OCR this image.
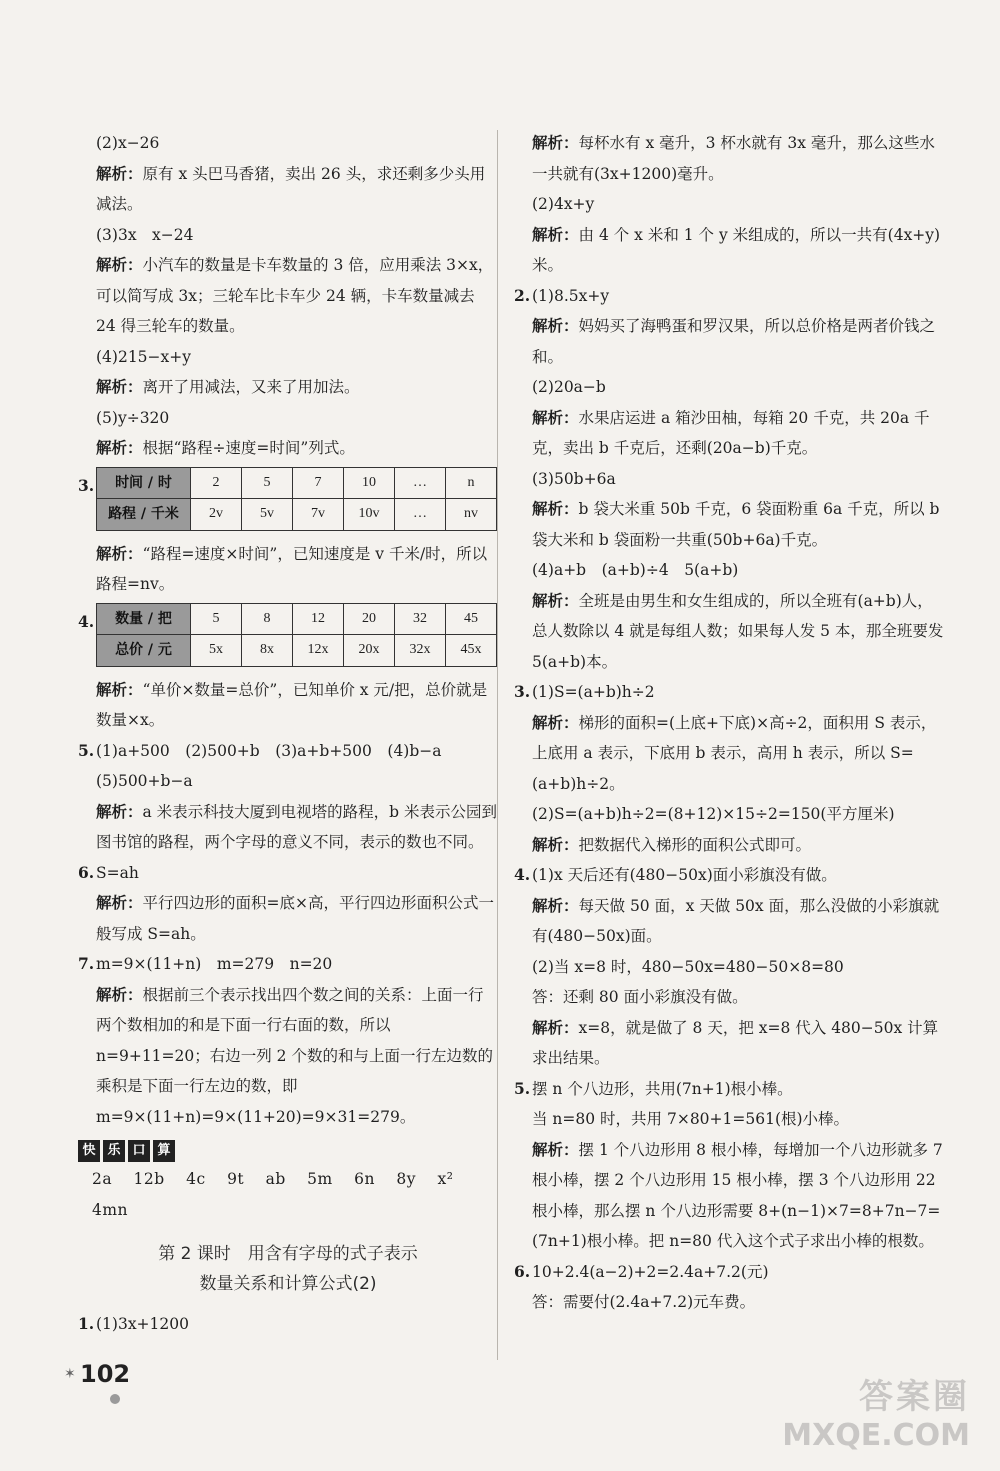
(2)x−26
解析：原有 x 头巴马香猪，卖出 26 头，求还剩多少头用减法。
(3)3x　x−24
解析：小汽车的数量是卡车数量的 3 倍，应用乘法 3×x，可以简写成 3x；三轮车比卡车少 24 辆，卡车数量减去 24 得三轮车的数量。
(4)215−x+y
解析：离开了用减法，又来了用加法。
(5)y÷320
解析：根据“路程÷速度=时间”列式。
3. 时间 / 时	2	5	7	10	…	n
路程 / 千米	2v	5v	7v	10v	…	nv
解析：“路程=速度×时间”，已知速度是 v 千米/时，所以路程=nv。
4. 数量 / 把	5	8	12	20	32	45
总价 / 元	5x	8x	12x	20x	32x	45x
解析：“单价×数量=总价”，已知单价 x 元/把，总价就是数量×x。
5. (1)a+500　(2)500+b　(3)a+b+500　(4)b−a
(5)500+b−a
解析：a 米表示科技大厦到电视塔的路程，b 米表示公园到图书馆的路程，两个字母的意义不同，表示的数也不同。
6. S=ah
解析：平行四边形的面积=底×高，平行四边形面积公式一般写成 S=ah。
7. m=9×(11+n)　m=279　n=20
解析：根据前三个表示找出四个数之间的关系：上面一行两个数相加的和是下面一行右面的数，所以 n=9+11=20；右边一列 2 个数的和与上面一行左边数的乘积是下面一行左边的数，即 m=9×(11+n)=9×(11+20)=9×31=279。
快 乐 口 算
2a　 12b　 4c　 9t　 ab　 5m　 6n　 8y　 x²　 4mn
第 2 课时　用含有字母的式子表示
数量关系和计算公式(2)
1. (1)3x+1200
解析：每杯水有 x 毫升，3 杯水就有 3x 毫升，那么这些水一共就有(3x+1200)毫升。
(2)4x+y
解析：由 4 个 x 米和 1 个 y 米组成的，所以一共有(4x+y)米。
2. (1)8.5x+y
解析：妈妈买了海鸭蛋和罗汉果，所以总价格是两者价钱之和。
(2)20a−b
解析：水果店运进 a 箱沙田柚，每箱 20 千克，共 20a 千克，卖出 b 千克后，还剩(20a−b)千克。
(3)50b+6a
解析：b 袋大米重 50b 千克，6 袋面粉重 6a 千克，所以 b 袋大米和 b 袋面粉一共重(50b+6a)千克。
(4)a+b　(a+b)÷4　5(a+b)
解析：全班是由男生和女生组成的，所以全班有(a+b)人，总人数除以 4 就是每组人数；如果每人发 5 本，那全班要发 5(a+b)本。
3. (1)S=(a+b)h÷2
解析：梯形的面积=(上底+下底)×高÷2，面积用 S 表示，上底用 a 表示，下底用 b 表示，高用 h 表示，所以 S=(a+b)h÷2。
(2)S=(a+b)h÷2=(8+12)×15÷2=150(平方厘米)
解析：把数据代入梯形的面积公式即可。
4. (1)x 天后还有(480−50x)面小彩旗没有做。
解析：每天做 50 面，x 天做 50x 面，那么没做的小彩旗就有(480−50x)面。
(2)当 x=8 时，480−50x=480−50×8=80
答：还剩 80 面小彩旗没有做。
解析：x=8，就是做了 8 天，把 x=8 代入 480−50x 计算求出结果。
5. 摆 n 个八边形，共用(7n+1)根小棒。
当 n=80 时，共用 7×80+1=561(根)小棒。
解析：摆 1 个八边形用 8 根小棒，每增加一个八边形就多 7 根小棒，摆 2 个八边形用 15 根小棒，摆 3 个八边形用 22 根小棒，那么摆 n 个八边形需要 8+(n−1)×7=8+7n−7=(7n+1)根小棒。把 n=80 代入这个式子求出小棒的根数。
6. 10+2.4(a−2)+2=2.4a+7.2(元)
答：需要付(2.4a+7.2)元车费。
✶ 102
答案圈
MXQE.COM
